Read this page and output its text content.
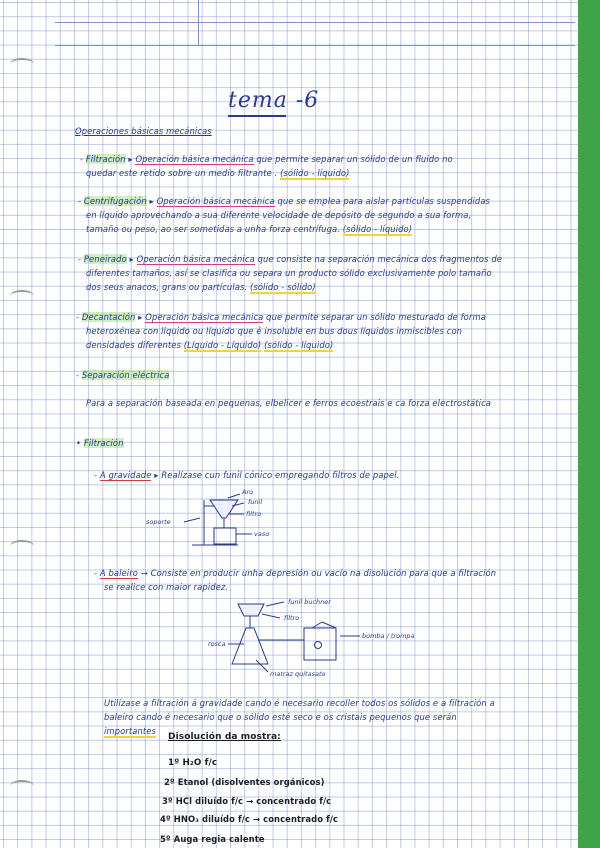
tema -6
Operaciones básicas mecánicas
- Filtración ▸ Operación básica mecánica que permite separar un sólido de un fluido no
quedar este retido sobre un medio filtrante . (sólido - líquido)
- Centrifugación ▸ Operación básica mecánica que se emplea para aislar partículas suspendidas
en líquido aprovechando a sua diferente velocidade de depósito de segundo a sua forma,
tamaño ou peso, ao ser sometidas a unha forza centrífuga. (sólido - líquido)
- Peneirado ▸ Operación básica mecánica que consiste na separación mecánica dos fragmentos de
diferentes tamaños, así se clasifica ou separa un producto sólido exclusivamente polo tamaño
dos seus anacos, grans ou partículas. (sólido - sólido)
- Decantación ▸ Operación básica mecánica que permite separar un sólido mesturado de forma
heteroxénea con líquido ou líquido que é insoluble en bus dous líquidos inmiscibles con
densidades diferentes (Líquido - Líquido) (sólido - líquido)
- Separación eléctrica
Para a separación baseada en pequenas, elbelicer e ferros ecoestrais e ca forza electrostática
• Filtración
- A gravidade ▸ Realízase cun funil cónico empregando filtros de papel.
Aro
funil
filtro
soporte
vaso
- A baleiro → Consiste en producir unha depresión ou vacío na disolución para que a filtración
se realice con maior rapidez.
funil buchner
filtro
bomba / trompa
rosca
matraz quitasato
Utilízase a filtración á gravidade cando é necesario recoller todos os sólidos e a filtración a
baleiro cando é necesario que o sólido esté seco e os cristais pequenos que serán
importantes
Disolución da mostra:
1º H₂O f/c
2º Etanol (disolventes orgánicos)
3º HCl diluído f/c → concentrado f/c
4º HNO₃ diluído f/c → concentrado f/c
5º Auga regia calente
